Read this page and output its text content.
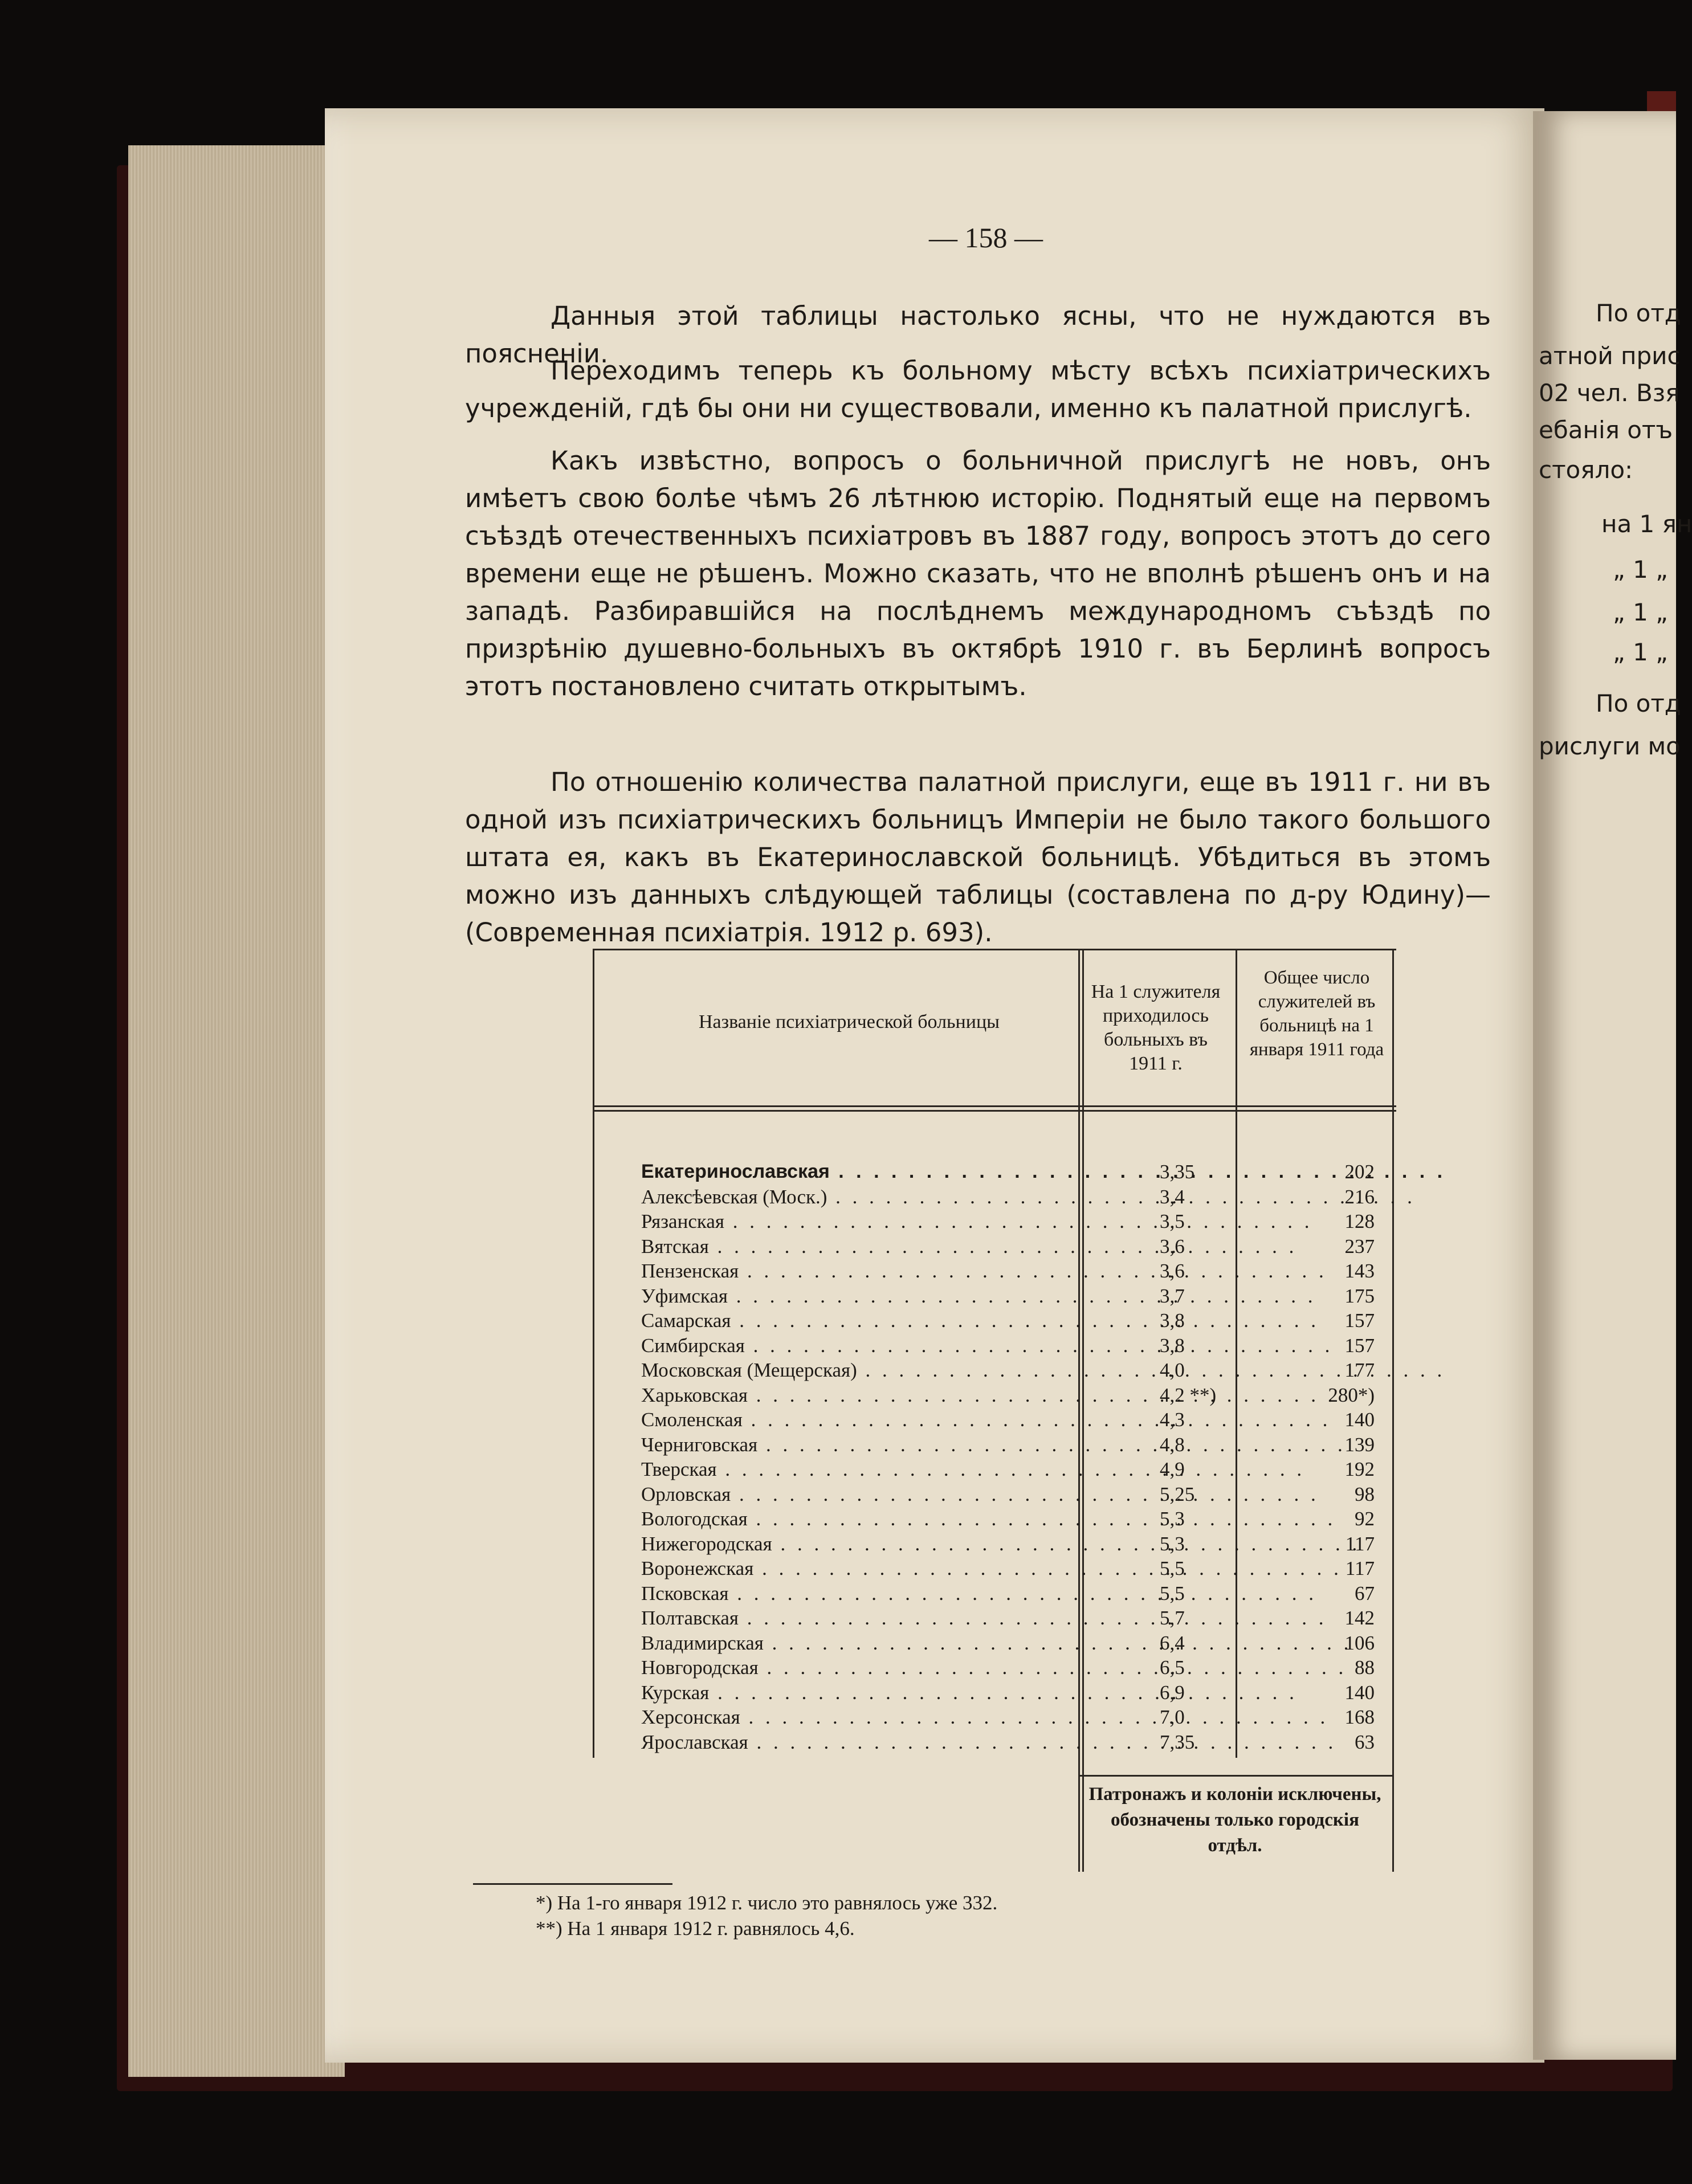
— 158 —

Данныя этой таблицы настолько ясны, что не нуждаются въ поясненiи.

Переходимъ теперь къ больному мѣсту всѣхъ психiатрическихъ учрежденiй, гдѣ бы они ни существовали, именно къ палатной прислугѣ.

Какъ извѣстно, вопросъ о больничной прислугѣ не новъ, онъ имѣетъ свою болѣе чѣмъ 26 лѣтнюю исторiю. Поднятый еще на первомъ съѣздѣ отечественныхъ психiатровъ въ 1887 году, вопросъ этотъ до сего времени еще не рѣшенъ. Можно сказать, что не вполнѣ рѣшенъ онъ и на западѣ. Разбиравшiйся на послѣднемъ международномъ съѣздѣ по призрѣнiю душевно-больныхъ въ октябрѣ 1910 г. въ Берлинѣ вопросъ этотъ постановлено считать открытымъ.

По отношенiю количества палатной прислуги, еще въ 1911 г. ни въ одной изъ психiатрическихъ больницъ Имперiи не было такого большого штата ея, какъ въ Екатеринославской больницѣ. Убѣдиться въ этомъ можно изъ данныхъ слѣдующей таблицы (составлена по д-ру Юдину)—(Современная психiатрiя. 1912 р. 693).

Названiе психiатрической больницы
На 1 служителя приходилось больныхъ въ 1911 г.
Общее число служителей въ больницѣ на 1 января 1911 года
Екатеринославская . . .	3,35	202
Алексѣевская (Моск.) . . .	3,4	216
Рязанская . . .	3,5	128
Вятская . . .	3,6	237
Пензенская . . .	3,6	143
Уфимская . . .	3,7	175
Самарская . . .	3,8	157
Симбирская . . .	3,8	157
Московская (Мещерская) . . .	4,0	177
Харьковская . . .	4,2 **)	280*)
Смоленская . . .	4,3	140
Черниговская . . .	4,8	139
Тверская . . .	4,9	192
Орловская . . .	5,25	98
Вологодская . . .	5,3	92
Нижегородская . . .	5,3	117
Воронежская . . .	5,5	117
Псковская . . .	5,5	67
Полтавская . . .	5,7	142
Владимирская . . .	6,4	106
Новгородская . . .	6,5	88
Курская . . .	6,9	140
Херсонская . . .	7,0	168
Ярославская . . .	7,35	63
Патронажъ и колонiи исключены, обозначены только городскiя отдѣл.
*) На 1-го января 1912 г. число это равнялось уже 332.
**) На 1 января 1912 г. равнялось 4,6.
По отд
атной прис
02 чел. Взя
ебанiя отъ
стояло:
на 1 ян
„ 1 „
„ 1 „
„ 1 „
По отд
рислуги мо
